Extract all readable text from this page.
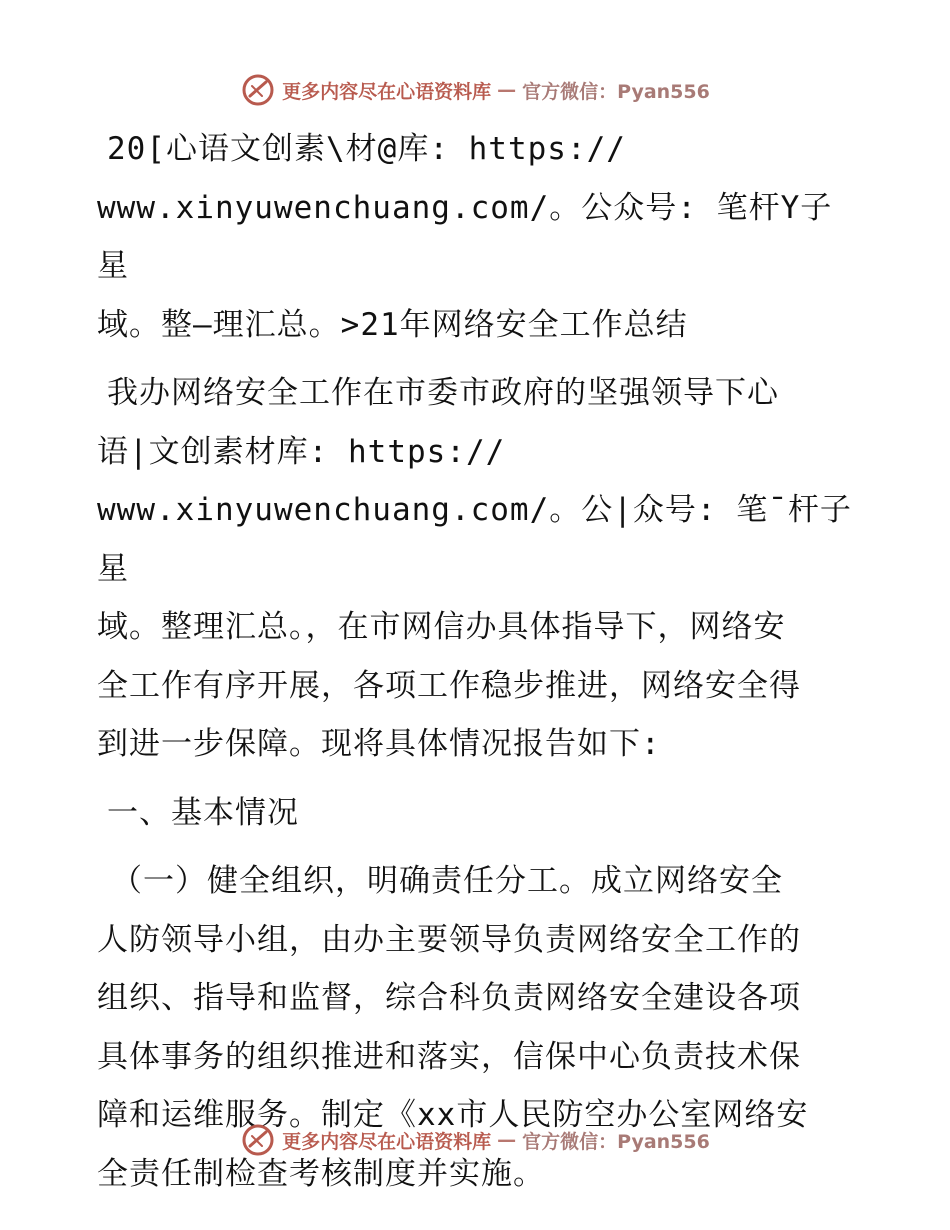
更多内容尽在心语资料库 — 官方微信：Pyan556

20[心语文创素\材@库: https://

www.xinyuwenchuang.com/。公众号: 笔杆Y子星

域。整—理汇总。>21年网络安全工作总结

我办网络安全工作在市委市政府的坚强领导下心

语|文创素材库: https://

www.xinyuwenchuang.com/。公|众号: 笔¯杆子星

域。整理汇总。，在市网信办具体指导下，网络安

全工作有序开展，各项工作稳步推进，网络安全得

到进一步保障。现将具体情况报告如下:

一、基本情况

（一）健全组织，明确责任分工。成立网络安全

人防领导小组，由办主要领导负责网络安全工作的

组织、指导和监督，综合科负责网络安全建设各项

具体事务的组织推进和落实，信保中心负责技术保

障和运维服务。制定《xx市人民防空办公室网络安

全责任制检查考核制度并实施。

更多内容尽在心语资料库 — 官方微信：Pyan556
